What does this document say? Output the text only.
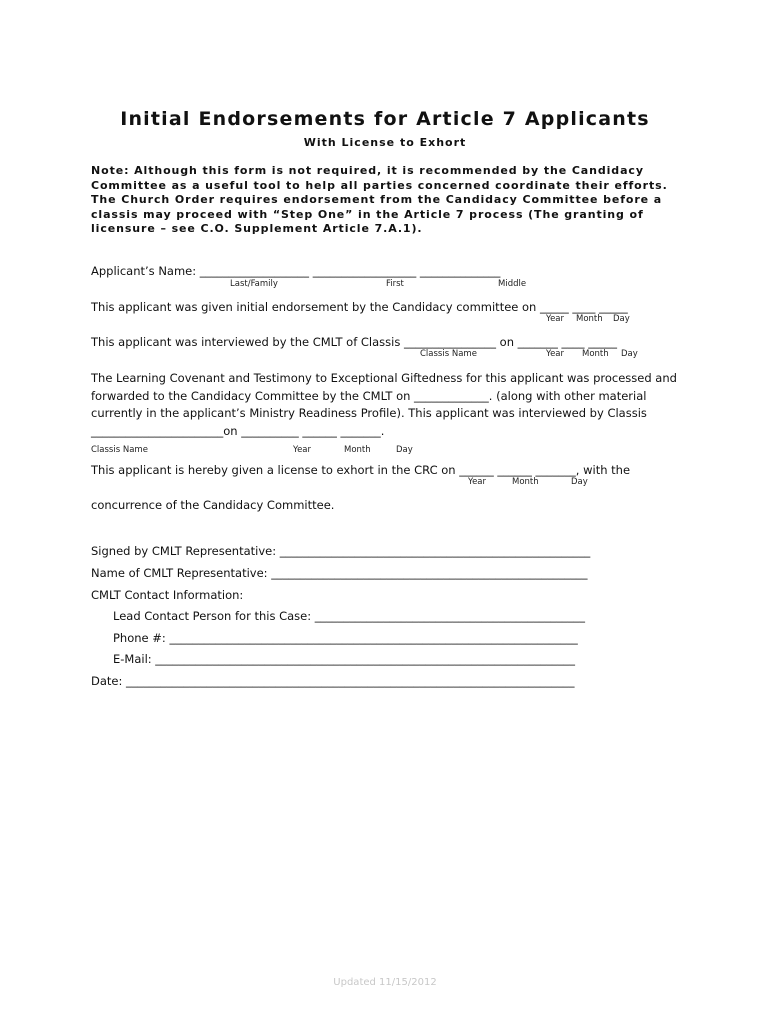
Initial Endorsements for Article 7 Applicants
With License to Exhort
Note: Although this form is not required, it is recommended by the Candidacy Committee as a useful tool to help all parties concerned coordinate their efforts. The Church Order requires endorsement from the Candidacy Committee before a classis may proceed with “Step One” in the Article 7 process (The granting of licensure – see C.O. Supplement Article 7.A.1).
Applicant’s Name: ___________________ __________________ ______________
Last/Family	First	Middle
This applicant was given initial endorsement by the Candidacy committee on _____ ____ _____
Year Month Day
This applicant was interviewed by the CMLT of Classis ________________ on _______ ____ _____
Classis Name	Year Month Day
The Learning Covenant and Testimony to Exceptional Giftedness for this applicant was processed and forwarded to the Candidacy Committee by the CMLT on _____________. (along with other material currently in the applicant’s Ministry Readiness Profile). This applicant was interviewed by Classis _______________________on __________ ______ _______.
Classis Name	Year	Month	Day
This applicant is hereby given a license to exhort in the CRC on ______ ______ _______, with the
Year	Month	Day
concurrence of the Candidacy Committee.
Signed by CMLT Representative: ______________________________________________________
Name of CMLT Representative: _______________________________________________________
CMLT Contact Information:
Lead Contact Person for this Case: _______________________________________________
Phone #: _______________________________________________________________________
E-Mail: _________________________________________________________________________
Date: ______________________________________________________________________________
Updated 11/15/2012
